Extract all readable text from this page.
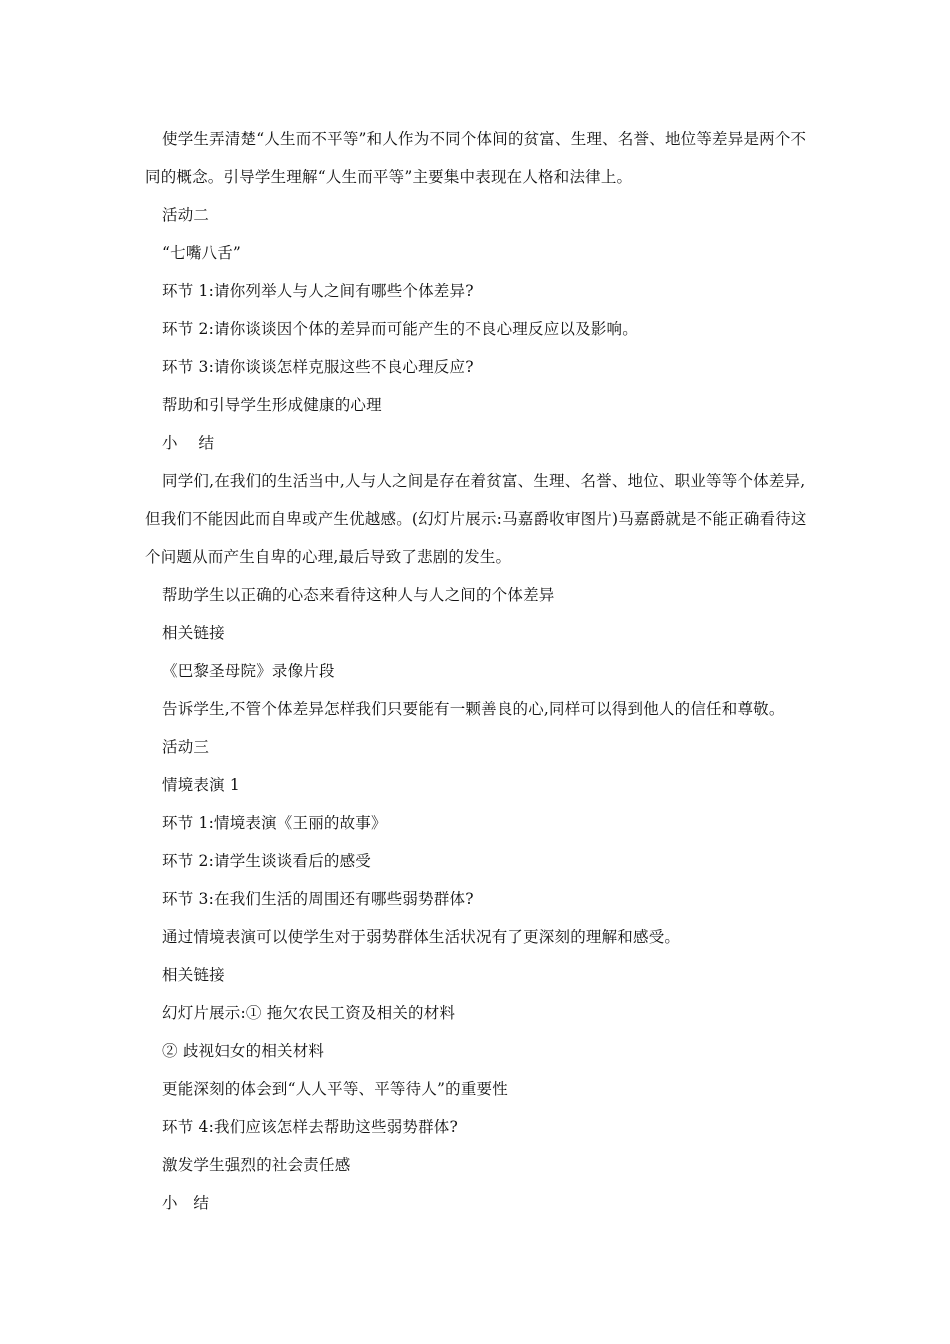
使学生弄清楚“人生而不平等”和人作为不同个体间的贫富、生理、名誉、地位等差异是两个不同的概念。引导学生理解“人生而平等”主要集中表现在人格和法律上。

活动二

“七嘴八舌”

环节 1:请你列举人与人之间有哪些个体差异?

环节 2:请你谈谈因个体的差异而可能产生的不良心理反应以及影响。

环节 3:请你谈谈怎样克服这些不良心理反应?

帮助和引导学生形成健康的心理

小　 结

同学们,在我们的生活当中,人与人之间是存在着贫富、生理、名誉、地位、职业等等个体差异,但我们不能因此而自卑或产生优越感。(幻灯片展示:马嘉爵收审图片)马嘉爵就是不能正确看待这个问题从而产生自卑的心理,最后导致了悲剧的发生。

帮助学生以正确的心态来看待这种人与人之间的个体差异

相关链接

《巴黎圣母院》录像片段

告诉学生,不管个体差异怎样我们只要能有一颗善良的心,同样可以得到他人的信任和尊敬。

活动三

情境表演 1

环节 1:情境表演《王丽的故事》

环节 2:请学生谈谈看后的感受

环节 3:在我们生活的周围还有哪些弱势群体?

通过情境表演可以使学生对于弱势群体生活状况有了更深刻的理解和感受。

相关链接

幻灯片展示:① 拖欠农民工资及相关的材料

② 歧视妇女的相关材料

更能深刻的体会到“人人平等、平等待人”的重要性

环节 4:我们应该怎样去帮助这些弱势群体?

激发学生强烈的社会责任感

小　结
